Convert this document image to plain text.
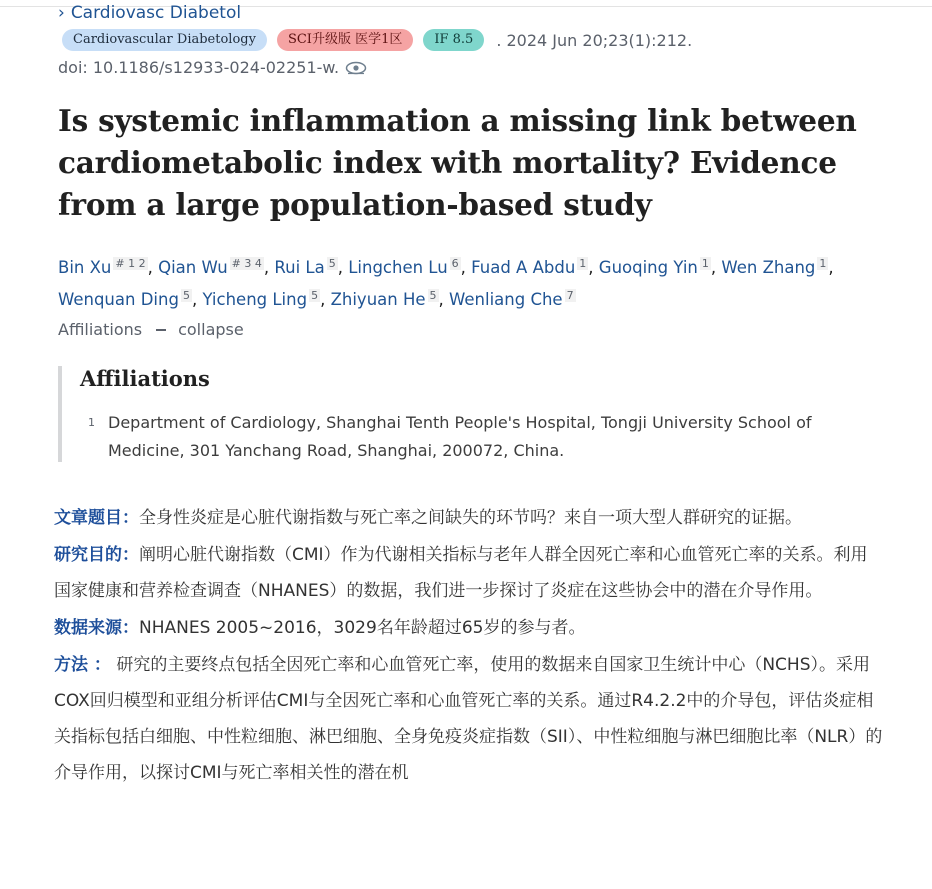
› Cardiovasc Diabetol
Cardiovascular Diabetology	SCI升级版 医学1区	IF 8.5	. 2024 Jun 20;23(1):212.
doi: 10.1186/s12933-024-02251-w.
Is systemic inflammation a missing link between cardiometabolic index with mortality? Evidence from a large population-based study
Bin Xu $^{\# 1 2}$ , Qian Wu $^{\# 3 4}$ , Rui La $^5$ , Lingchen Lu $^6$ , Fuad A Abdu $^1$ , Guoqing Yin $^1$ , Wen Zhang $^1$ , Wenquan Ding $^5$ , Yicheng Ling $^5$ , Zhiyuan He $^5$ , Wenliang Che $^7$
Affiliations collapse
Affiliations
1 Department of Cardiology, Shanghai Tenth People's Hospital, Tongji University School of Medicine, 301 Yanchang Road, Shanghai, 200072, China.

文章题目：全身性炎症是心脏代谢指数与死亡率之间缺失的环节吗？来自一项大型人群研究的证据。

研究目的：阐明心脏代谢指数（CMI）作为代谢相关指标与老年人群全因死亡率和心血管死亡率的关系。利用国家健康和营养检查调查（NHANES）的数据，我们进一步探讨了炎症在这些协会中的潜在介导作用。

数据来源：NHANES 2005~2016，3029名年龄超过65岁的参与者。

方法 ： 研究的主要终点包括全因死亡率和心血管死亡率，使用的数据来自国家卫生统计中心（NCHS）。采用COX回归模型和亚组分析评估CMI与全因死亡率和心血管死亡率的关系。通过R4.2.2中的介导包，评估炎症相关指标包括白细胞、中性粒细胞、淋巴细胞、全身免疫炎症指数（SII）、中性粒细胞与淋巴细胞比率（NLR）的介导作用，以探讨CMI与死亡率相关性的潜在机
